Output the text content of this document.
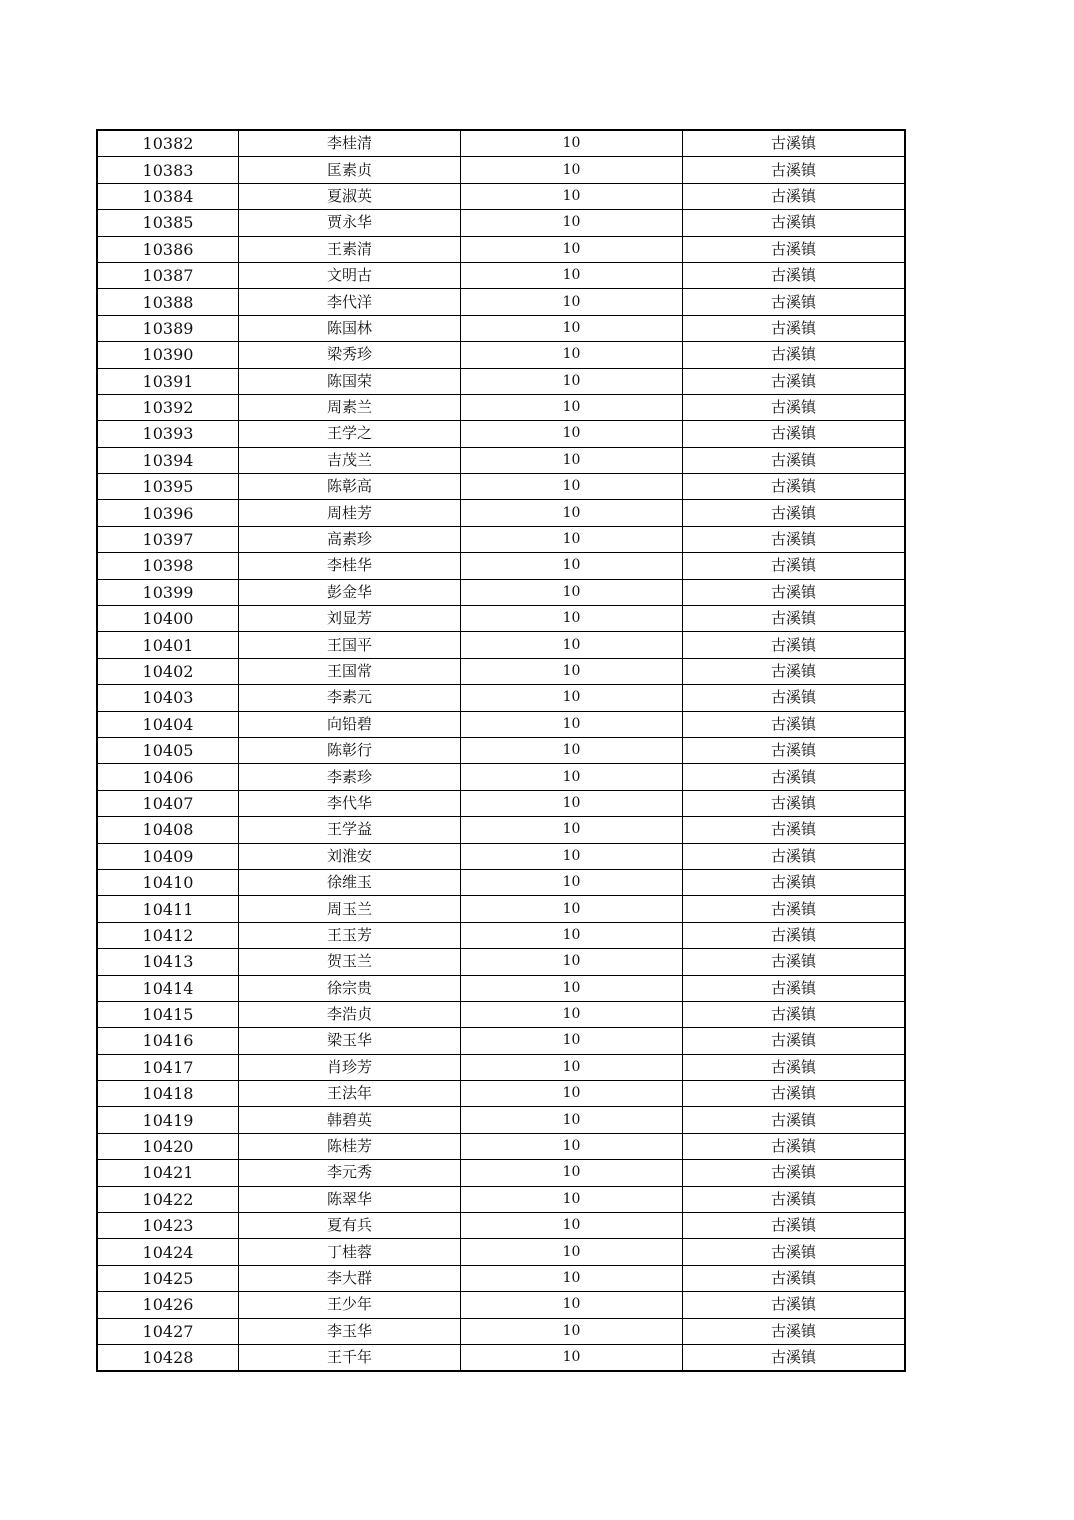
10382	李桂清	10	古溪镇
10383	匡素贞	10	古溪镇
10384	夏淑英	10	古溪镇
10385	贾永华	10	古溪镇
10386	王素清	10	古溪镇
10387	文明古	10	古溪镇
10388	李代洋	10	古溪镇
10389	陈国林	10	古溪镇
10390	梁秀珍	10	古溪镇
10391	陈国荣	10	古溪镇
10392	周素兰	10	古溪镇
10393	王学之	10	古溪镇
10394	吉茂兰	10	古溪镇
10395	陈彰高	10	古溪镇
10396	周桂芳	10	古溪镇
10397	高素珍	10	古溪镇
10398	李桂华	10	古溪镇
10399	彭金华	10	古溪镇
10400	刘显芳	10	古溪镇
10401	王国平	10	古溪镇
10402	王国常	10	古溪镇
10403	李素元	10	古溪镇
10404	向铅碧	10	古溪镇
10405	陈彰行	10	古溪镇
10406	李素珍	10	古溪镇
10407	李代华	10	古溪镇
10408	王学益	10	古溪镇
10409	刘淮安	10	古溪镇
10410	徐维玉	10	古溪镇
10411	周玉兰	10	古溪镇
10412	王玉芳	10	古溪镇
10413	贺玉兰	10	古溪镇
10414	徐宗贵	10	古溪镇
10415	李浩贞	10	古溪镇
10416	梁玉华	10	古溪镇
10417	肖珍芳	10	古溪镇
10418	王法年	10	古溪镇
10419	韩碧英	10	古溪镇
10420	陈桂芳	10	古溪镇
10421	李元秀	10	古溪镇
10422	陈翠华	10	古溪镇
10423	夏有兵	10	古溪镇
10424	丁桂蓉	10	古溪镇
10425	李大群	10	古溪镇
10426	王少年	10	古溪镇
10427	李玉华	10	古溪镇
10428	王千年	10	古溪镇
